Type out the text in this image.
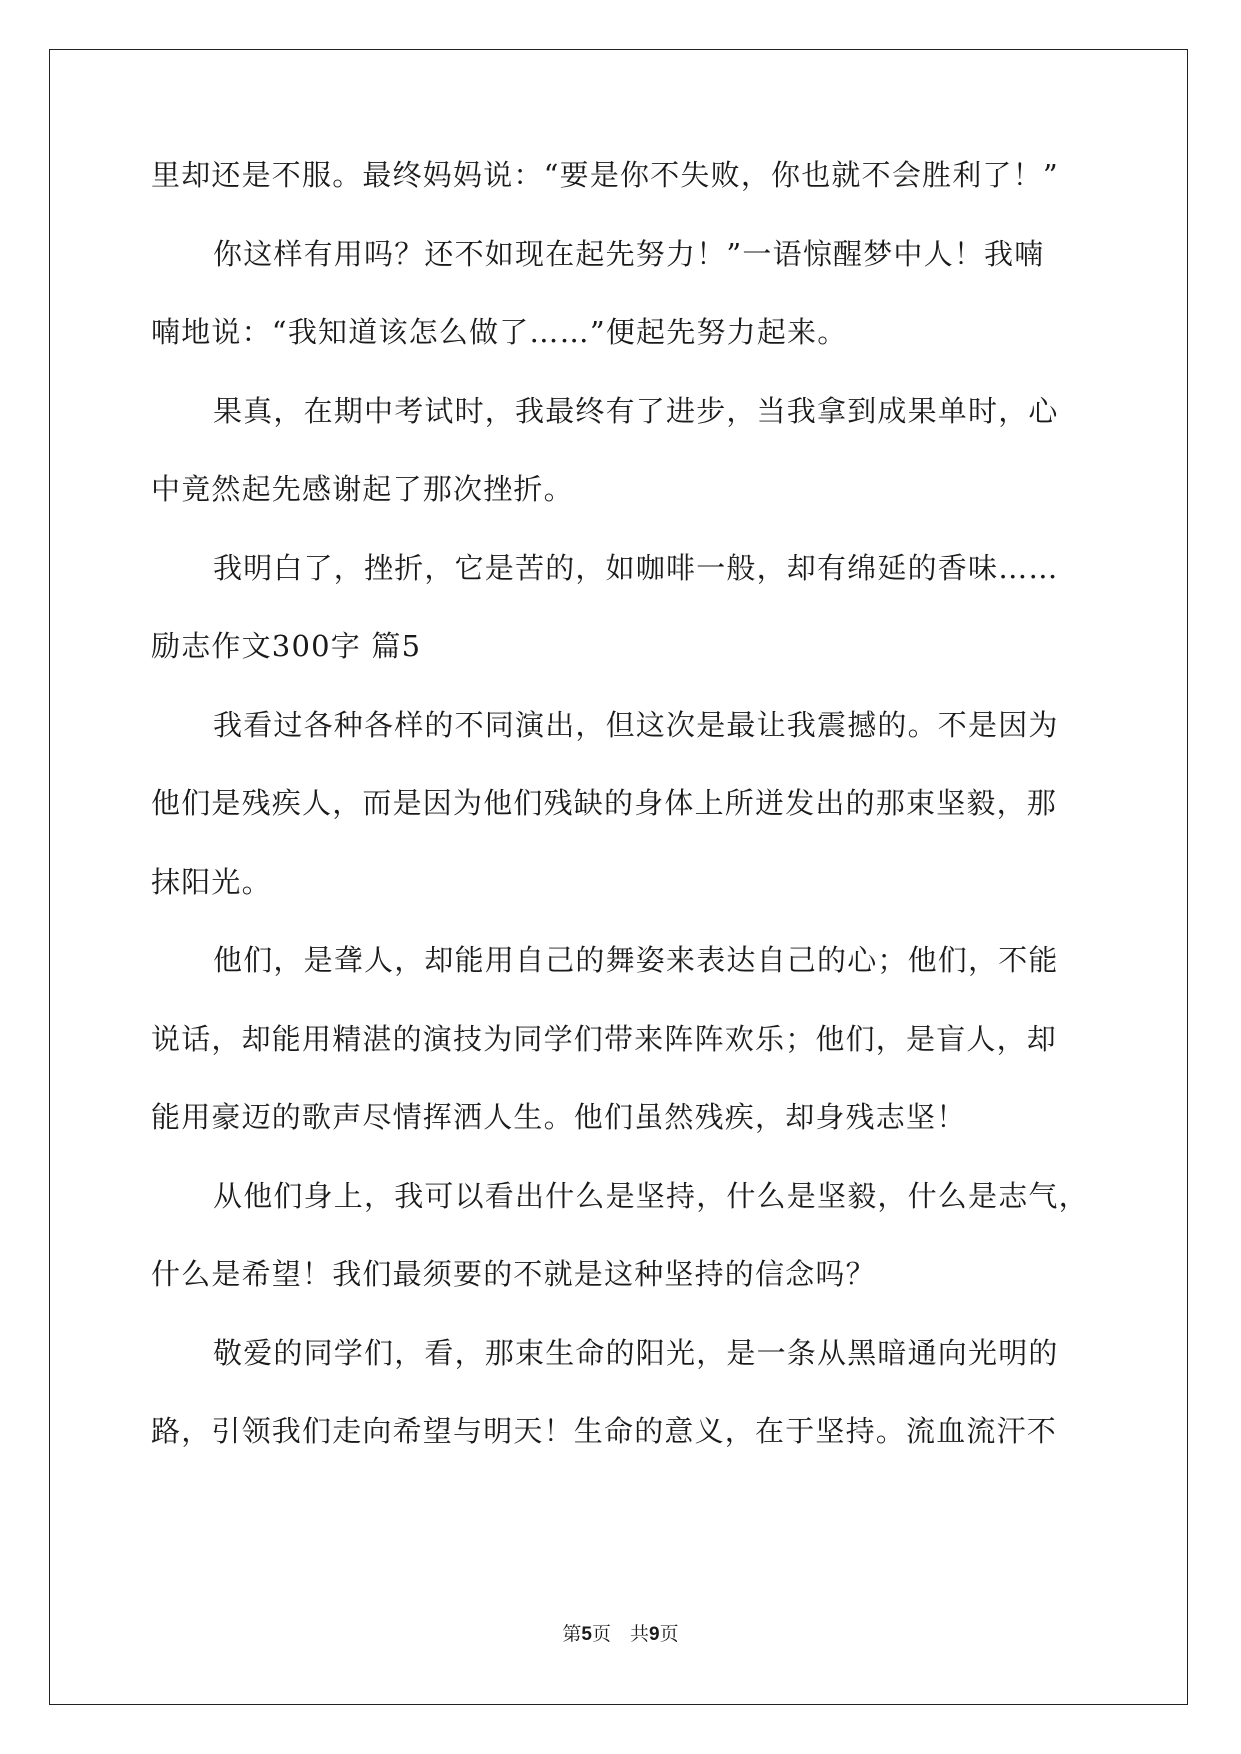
里却还是不服。最终妈妈说：“要是你不失败，你也就不会胜利了！”
你这样有用吗？还不如现在起先努力！”一语惊醒梦中人！我喃
喃地说：“我知道该怎么做了……”便起先努力起来。
果真，在期中考试时，我最终有了进步，当我拿到成果单时，心
中竟然起先感谢起了那次挫折。
我明白了，挫折，它是苦的，如咖啡一般，却有绵延的香味……
励志作文300字 篇5
我看过各种各样的不同演出，但这次是最让我震撼的。不是因为
他们是残疾人，而是因为他们残缺的身体上所迸发出的那束坚毅，那
抹阳光。
他们，是聋人，却能用自己的舞姿来表达自己的心；他们，不能
说话，却能用精湛的演技为同学们带来阵阵欢乐；他们，是盲人，却
能用豪迈的歌声尽情挥洒人生。他们虽然残疾，却身残志坚！
从他们身上，我可以看出什么是坚持，什么是坚毅，什么是志气，
什么是希望！我们最须要的不就是这种坚持的信念吗？
敬爱的同学们，看，那束生命的阳光，是一条从黑暗通向光明的
路，引领我们走向希望与明天！生命的意义，在于坚持。流血流汗不
第5页　共9页
